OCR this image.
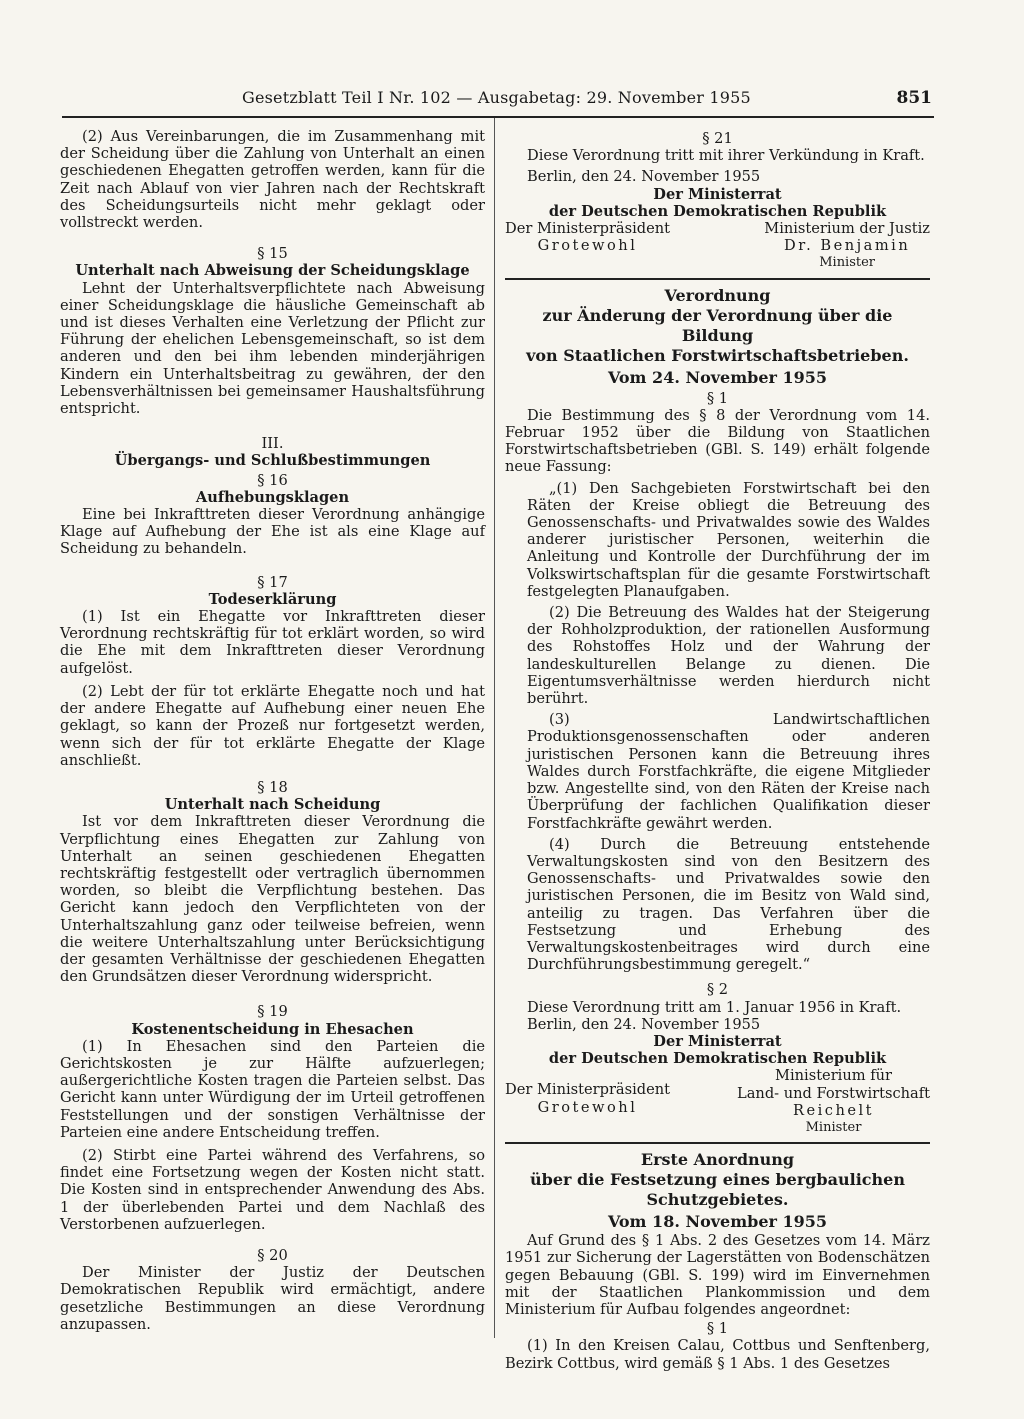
Gesetzblatt Teil I Nr. 102 — Ausgabetag: 29. November 1955	851

(2) Aus Vereinbarungen, die im Zusammenhang mit der Scheidung über die Zahlung von Unterhalt an einen geschiedenen Ehegatten getroffen werden, kann für die Zeit nach Ablauf von vier Jahren nach der Rechtskraft des Scheidungsurteils nicht mehr geklagt oder vollstreckt werden.

§ 15
Unterhalt nach Abweisung der Scheidungsklage

Lehnt der Unterhaltsverpflichtete nach Abweisung einer Scheidungsklage die häusliche Gemeinschaft ab und ist dieses Verhalten eine Verletzung der Pflicht zur Führung der ehelichen Lebensgemeinschaft, so ist dem anderen und den bei ihm lebenden minderjährigen Kindern ein Unterhaltsbeitrag zu gewähren, der den Lebensverhältnissen bei gemeinsamer Haushaltsführung entspricht.

III.
Übergangs- und Schlußbestimmungen
§ 16
Aufhebungsklagen

Eine bei Inkrafttreten dieser Verordnung anhängige Klage auf Aufhebung der Ehe ist als eine Klage auf Scheidung zu behandeln.

§ 17
Todeserklärung

(1) Ist ein Ehegatte vor Inkrafttreten dieser Verordnung rechtskräftig für tot erklärt worden, so wird die Ehe mit dem Inkrafttreten dieser Verordnung aufgelöst.

(2) Lebt der für tot erklärte Ehegatte noch und hat der andere Ehegatte auf Aufhebung einer neuen Ehe geklagt, so kann der Prozeß nur fortgesetzt werden, wenn sich der für tot erklärte Ehegatte der Klage anschließt.

§ 18
Unterhalt nach Scheidung

Ist vor dem Inkrafttreten dieser Verordnung die Verpflichtung eines Ehegatten zur Zahlung von Unterhalt an seinen geschiedenen Ehegatten rechtskräftig festgestellt oder vertraglich übernommen worden, so bleibt die Verpflichtung bestehen. Das Gericht kann jedoch den Verpflichteten von der Unterhaltszahlung ganz oder teilweise befreien, wenn die weitere Unterhaltszahlung unter Berücksichtigung der gesamten Verhältnisse der geschiedenen Ehegatten den Grundsätzen dieser Verordnung widerspricht.

§ 19
Kostenentscheidung in Ehesachen

(1) In Ehesachen sind den Parteien die Gerichtskosten je zur Hälfte aufzuerlegen; außergerichtliche Kosten tragen die Parteien selbst. Das Gericht kann unter Würdigung der im Urteil getroffenen Feststellungen und der sonstigen Verhältnisse der Parteien eine andere Entscheidung treffen.

(2) Stirbt eine Partei während des Verfahrens, so findet eine Fortsetzung wegen der Kosten nicht statt. Die Kosten sind in entsprechender Anwendung des Abs. 1 der überlebenden Partei und dem Nachlaß des Verstorbenen aufzuerlegen.

§ 20

Der Minister der Justiz der Deutschen Demokratischen Republik wird ermächtigt, andere gesetzliche Bestimmungen an diese Verordnung anzupassen.

§ 21

Diese Verordnung tritt mit ihrer Verkündung in Kraft.

Berlin, den 24. November 1955

Der Ministerrat
der Deutschen Demokratischen Republik
Der Ministerpräsident
Grotewohl
Ministerium der Justiz
Dr. Benjamin
Minister
Verordnung
zur Änderung der Verordnung über die Bildung
von Staatlichen Forstwirtschaftsbetrieben.
Vom 24. November 1955
§ 1

Die Bestimmung des § 8 der Verordnung vom 14. Februar 1952 über die Bildung von Staatlichen Forstwirtschaftsbetrieben (GBl. S. 149) erhält folgende neue Fassung:

„(1) Den Sachgebieten Forstwirtschaft bei den Räten der Kreise obliegt die Betreuung des Genossenschafts- und Privatwaldes sowie des Waldes anderer juristischer Personen, weiterhin die Anleitung und Kontrolle der Durchführung der im Volkswirtschaftsplan für die gesamte Forstwirtschaft festgelegten Planaufgaben.

(2) Die Betreuung des Waldes hat der Steigerung der Rohholzproduktion, der rationellen Ausformung des Rohstoffes Holz und der Wahrung der landeskulturellen Belange zu dienen. Die Eigentumsverhältnisse werden hierdurch nicht berührt.

(3) Landwirtschaftlichen Produktionsgenossenschaften oder anderen juristischen Personen kann die Betreuung ihres Waldes durch Forstfachkräfte, die eigene Mitglieder bzw. Angestellte sind, von den Räten der Kreise nach Überprüfung der fachlichen Qualifikation dieser Forstfachkräfte gewährt werden.

(4) Durch die Betreuung entstehende Verwaltungskosten sind von den Besitzern des Genossenschafts- und Privatwaldes sowie den juristischen Personen, die im Besitz von Wald sind, anteilig zu tragen. Das Verfahren über die Festsetzung und Erhebung des Verwaltungskostenbeitrages wird durch eine Durchführungsbestimmung geregelt.“

§ 2

Diese Verordnung tritt am 1. Januar 1956 in Kraft.

Berlin, den 24. November 1955

Der Ministerrat
der Deutschen Demokratischen Republik
Der Ministerpräsident
Grotewohl
Ministerium für
Land- und Forstwirtschaft
Reichelt
Minister
Erste Anordnung
über die Festsetzung eines bergbaulichen
Schutzgebietes.
Vom 18. November 1955

Auf Grund des § 1 Abs. 2 des Gesetzes vom 14. März 1951 zur Sicherung der Lagerstätten von Bodenschätzen gegen Bebauung (GBl. S. 199) wird im Einvernehmen mit der Staatlichen Plankommission und dem Ministerium für Aufbau folgendes angeordnet:

§ 1

(1) In den Kreisen Calau, Cottbus und Senftenberg, Bezirk Cottbus, wird gemäß § 1 Abs. 1 des Gesetzes
